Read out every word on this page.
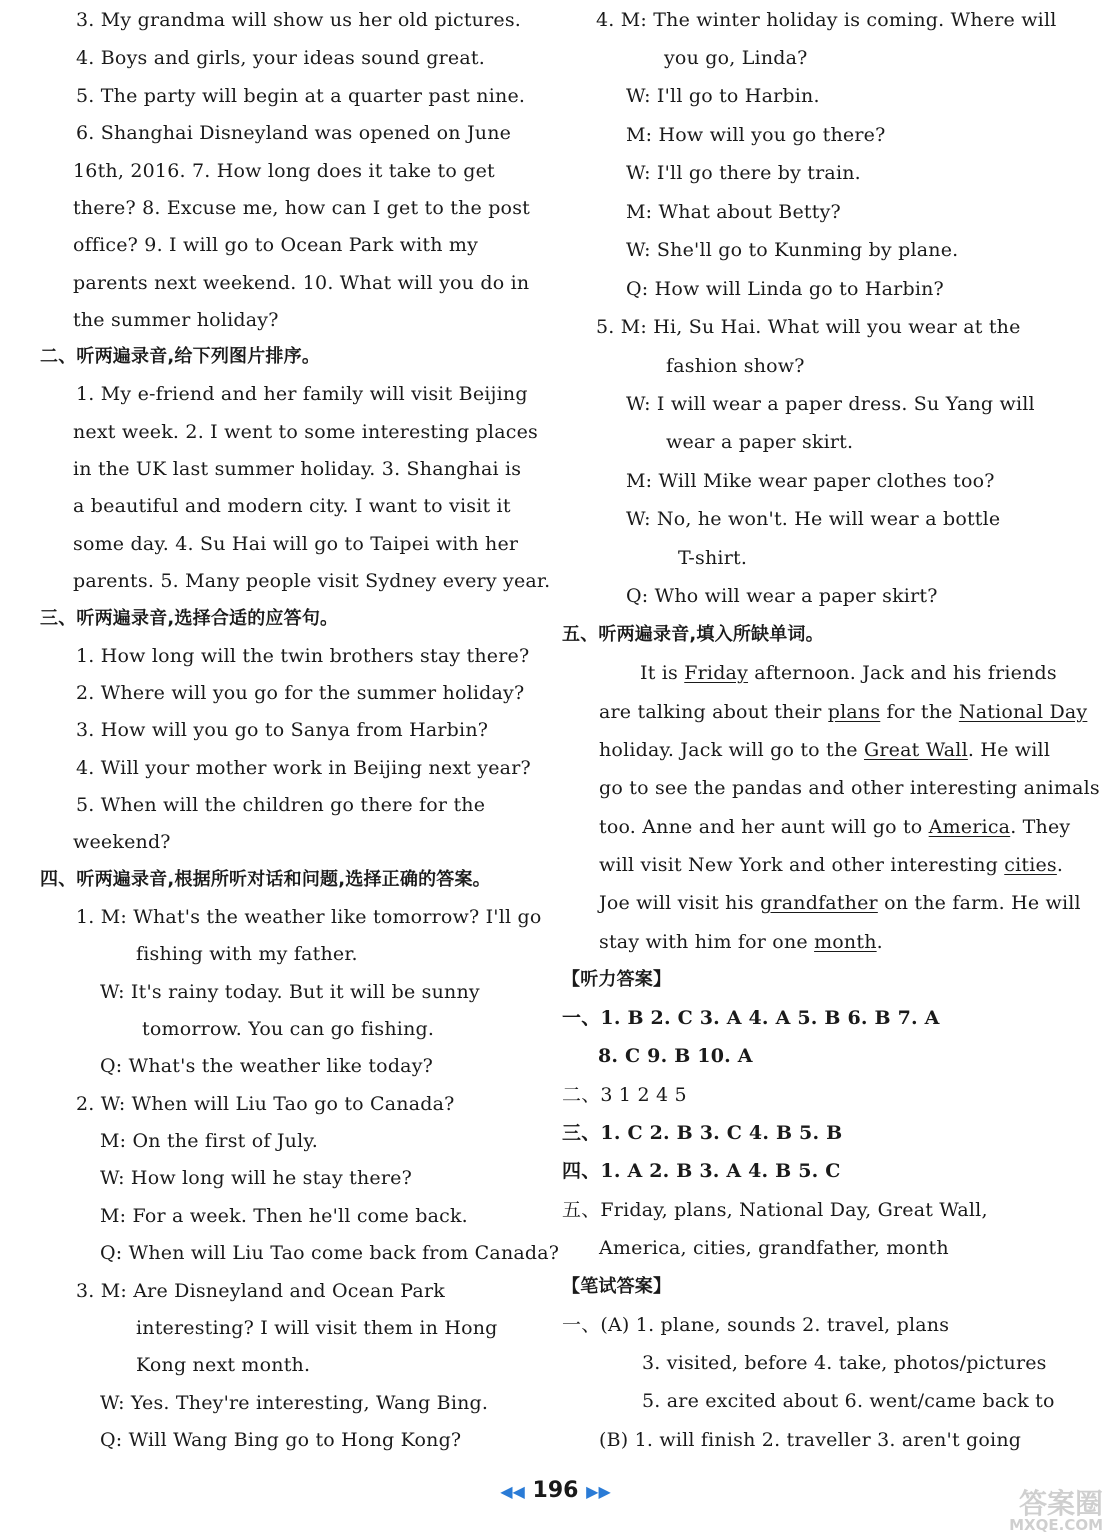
3. My grandma will show us her old pictures.
4. Boys and girls, your ideas sound great.
5. The party will begin at a quarter past nine.
6. Shanghai Disneyland was opened on June
16th, 2016. 7. How long does it take to get
there? 8. Excuse me, how can I get to the post
office? 9. I will go to Ocean Park with my
parents next weekend. 10. What will you do in
the summer holiday?
二、听两遍录音,给下列图片排序。
1. My e-friend and her family will visit Beijing
next week. 2. I went to some interesting places
in the UK last summer holiday. 3. Shanghai is
a beautiful and modern city. I want to visit it
some day. 4. Su Hai will go to Taipei with her
parents. 5. Many people visit Sydney every year.
三、听两遍录音,选择合适的应答句。
1. How long will the twin brothers stay there?
2. Where will you go for the summer holiday?
3. How will you go to Sanya from Harbin?
4. Will your mother work in Beijing next year?
5. When will the children go there for the
weekend?
四、听两遍录音,根据所听对话和问题,选择正确的答案。
1. M: What's the weather like tomorrow? I'll go
fishing with my father.
W: It's rainy today. But it will be sunny
tomorrow. You can go fishing.
Q: What's the weather like today?
2. W: When will Liu Tao go to Canada?
M: On the first of July.
W: How long will he stay there?
M: For a week. Then he'll come back.
Q: When will Liu Tao come back from Canada?
3. M: Are Disneyland and Ocean Park
interesting? I will visit them in Hong
Kong next month.
W: Yes. They're interesting, Wang Bing.
Q: Will Wang Bing go to Hong Kong?
4. M: The winter holiday is coming. Where will
you go, Linda?
W: I'll go to Harbin.
M: How will you go there?
W: I'll go there by train.
M: What about Betty?
W: She'll go to Kunming by plane.
Q: How will Linda go to Harbin?
5. M: Hi, Su Hai. What will you wear at the
fashion show?
W: I will wear a paper dress. Su Yang will
wear a paper skirt.
M: Will Mike wear paper clothes too?
W: No, he won't. He will wear a bottle
T-shirt.
Q: Who will wear a paper skirt?
五、听两遍录音,填入所缺单词。
It is Friday afternoon. Jack and his friends
are talking about their plans for the National Day
holiday. Jack will go to the Great Wall. He will
go to see the pandas and other interesting animals
too. Anne and her aunt will go to America. They
will visit New York and other interesting cities.
Joe will visit his grandfather on the farm. He will
stay with him for one month.
【听力答案】
一、1. B 2. C 3. A 4. A 5. B 6. B 7. A
8. C 9. B 10. A
二、3 1 2 4 5
三、1. C 2. B 3. C 4. B 5. B
四、1. A 2. B 3. A 4. B 5. C
五、Friday, plans, National Day, Great Wall,
America, cities, grandfather, month
【笔试答案】
一、(A) 1. plane, sounds 2. travel, plans
3. visited, before 4. take, photos/pictures
5. are excited about 6. went/came back to
(B) 1. will finish 2. traveller 3. aren't going
◀◀ 196 ▶▶	答案圈
MXQE.COM
